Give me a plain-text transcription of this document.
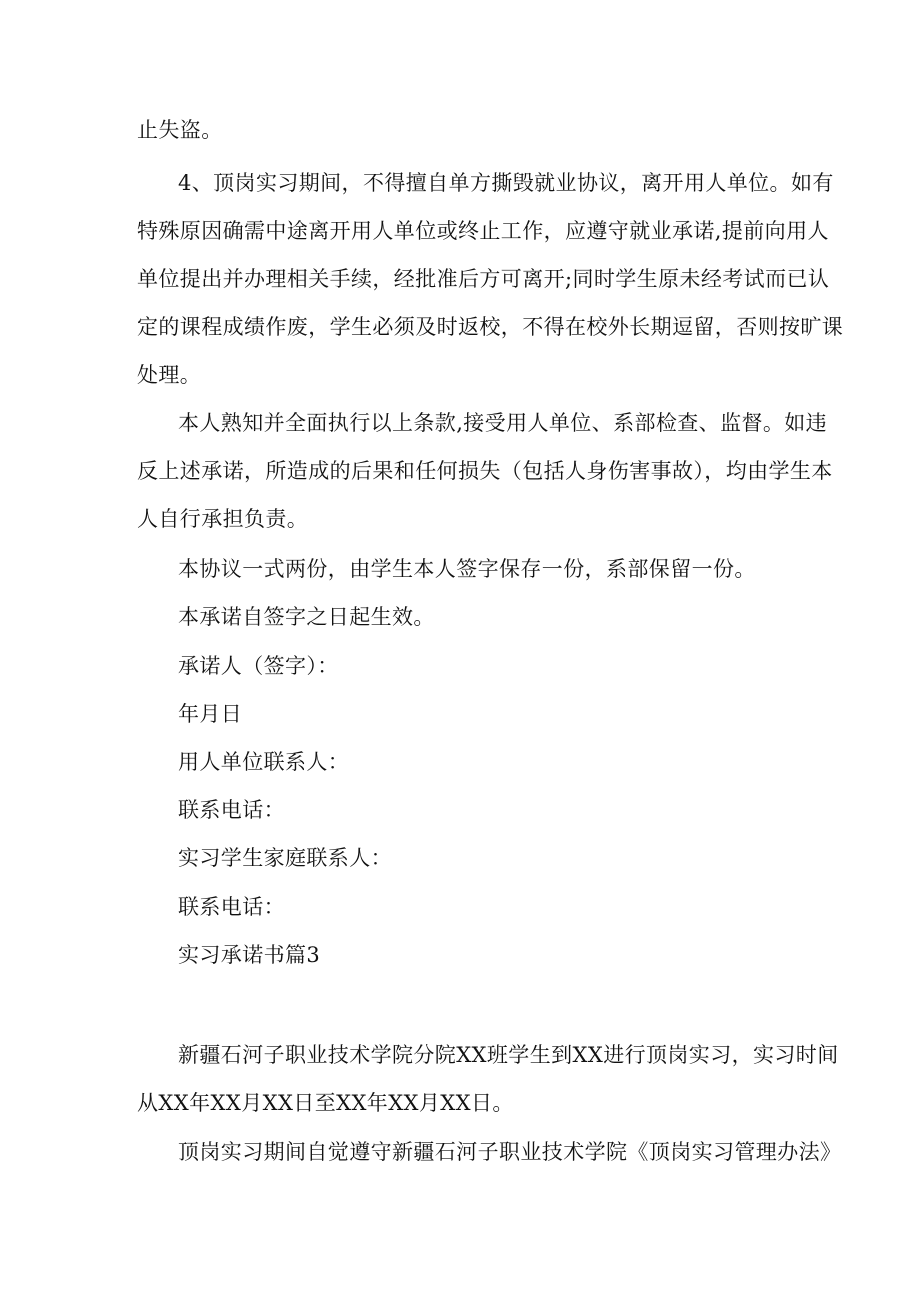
止失盗。
4、顶岗实习期间，不得擅自单方撕毁就业协议，离开用人单位。如有
特殊原因确需中途离开用人单位或终止工作，应遵守就业承诺,提前向用人
单位提出并办理相关手续，经批准后方可离开;同时学生原未经考试而已认
定的课程成绩作废，学生必须及时返校，不得在校外长期逗留，否则按旷课
处理。
本人熟知并全面执行以上条款,接受用人单位、系部检查、监督。如违
反上述承诺，所造成的后果和任何损失（包括人身伤害事故），均由学生本
人自行承担负责。
本协议一式两份，由学生本人签字保存一份，系部保留一份。
本承诺自签字之日起生效。
承诺人（签字）：
年月日
用人单位联系人：
联系电话：
实习学生家庭联系人：
联系电话：
实习承诺书篇3
新疆石河子职业技术学院分院XX班学生到XX进行顶岗实习，实习时间
从XX年XX月XX日至XX年XX月XX日。
顶岗实习期间自觉遵守新疆石河子职业技术学院《顶岗实习管理办法》
